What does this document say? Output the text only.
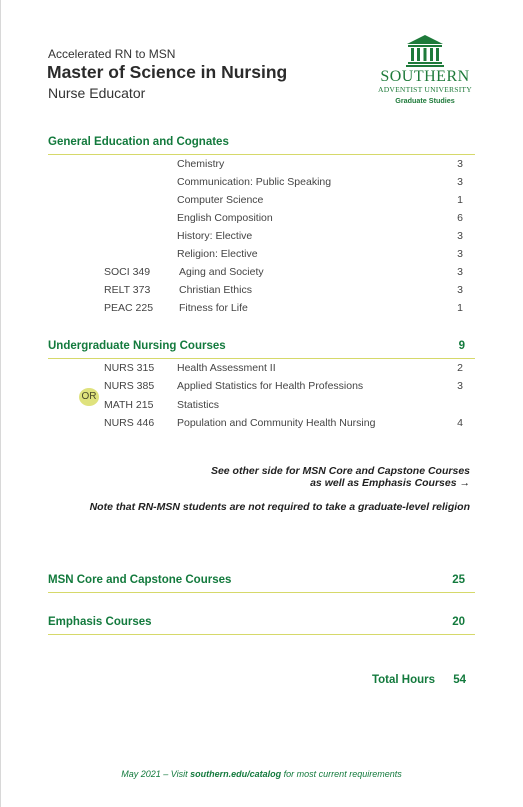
Accelerated RN to MSN
Master of Science in Nursing
Nurse Educator
SOUTHERN
ADVENTIST UNIVERSITY
Graduate Studies
General Education and Cognates
Chemistry	3
Communication: Public Speaking	3
Computer Science	1
English Composition	6
History: Elective	3
Religion: Elective	3
SOCI 349	Aging and Society	3
RELT 373	Christian Ethics	3
PEAC 225 Fitness for Life	1
Undergraduate Nursing Courses	9
NURS 315 Health Assessment II	2
NURS 385 Applied Statistics for Health Professions	3
OR
MATH 215 Statistics
NURS 446 Population and Community Health Nursing	4
See other side for MSN Core and Capstone Courses
as well as Emphasis Courses →
Note that RN-MSN students are not required to take a graduate-level religion
MSN Core and Capstone Courses	25
Emphasis Courses	20
Total Hours 54
May 2021 – Visit southern.edu/catalog for most current requirements
